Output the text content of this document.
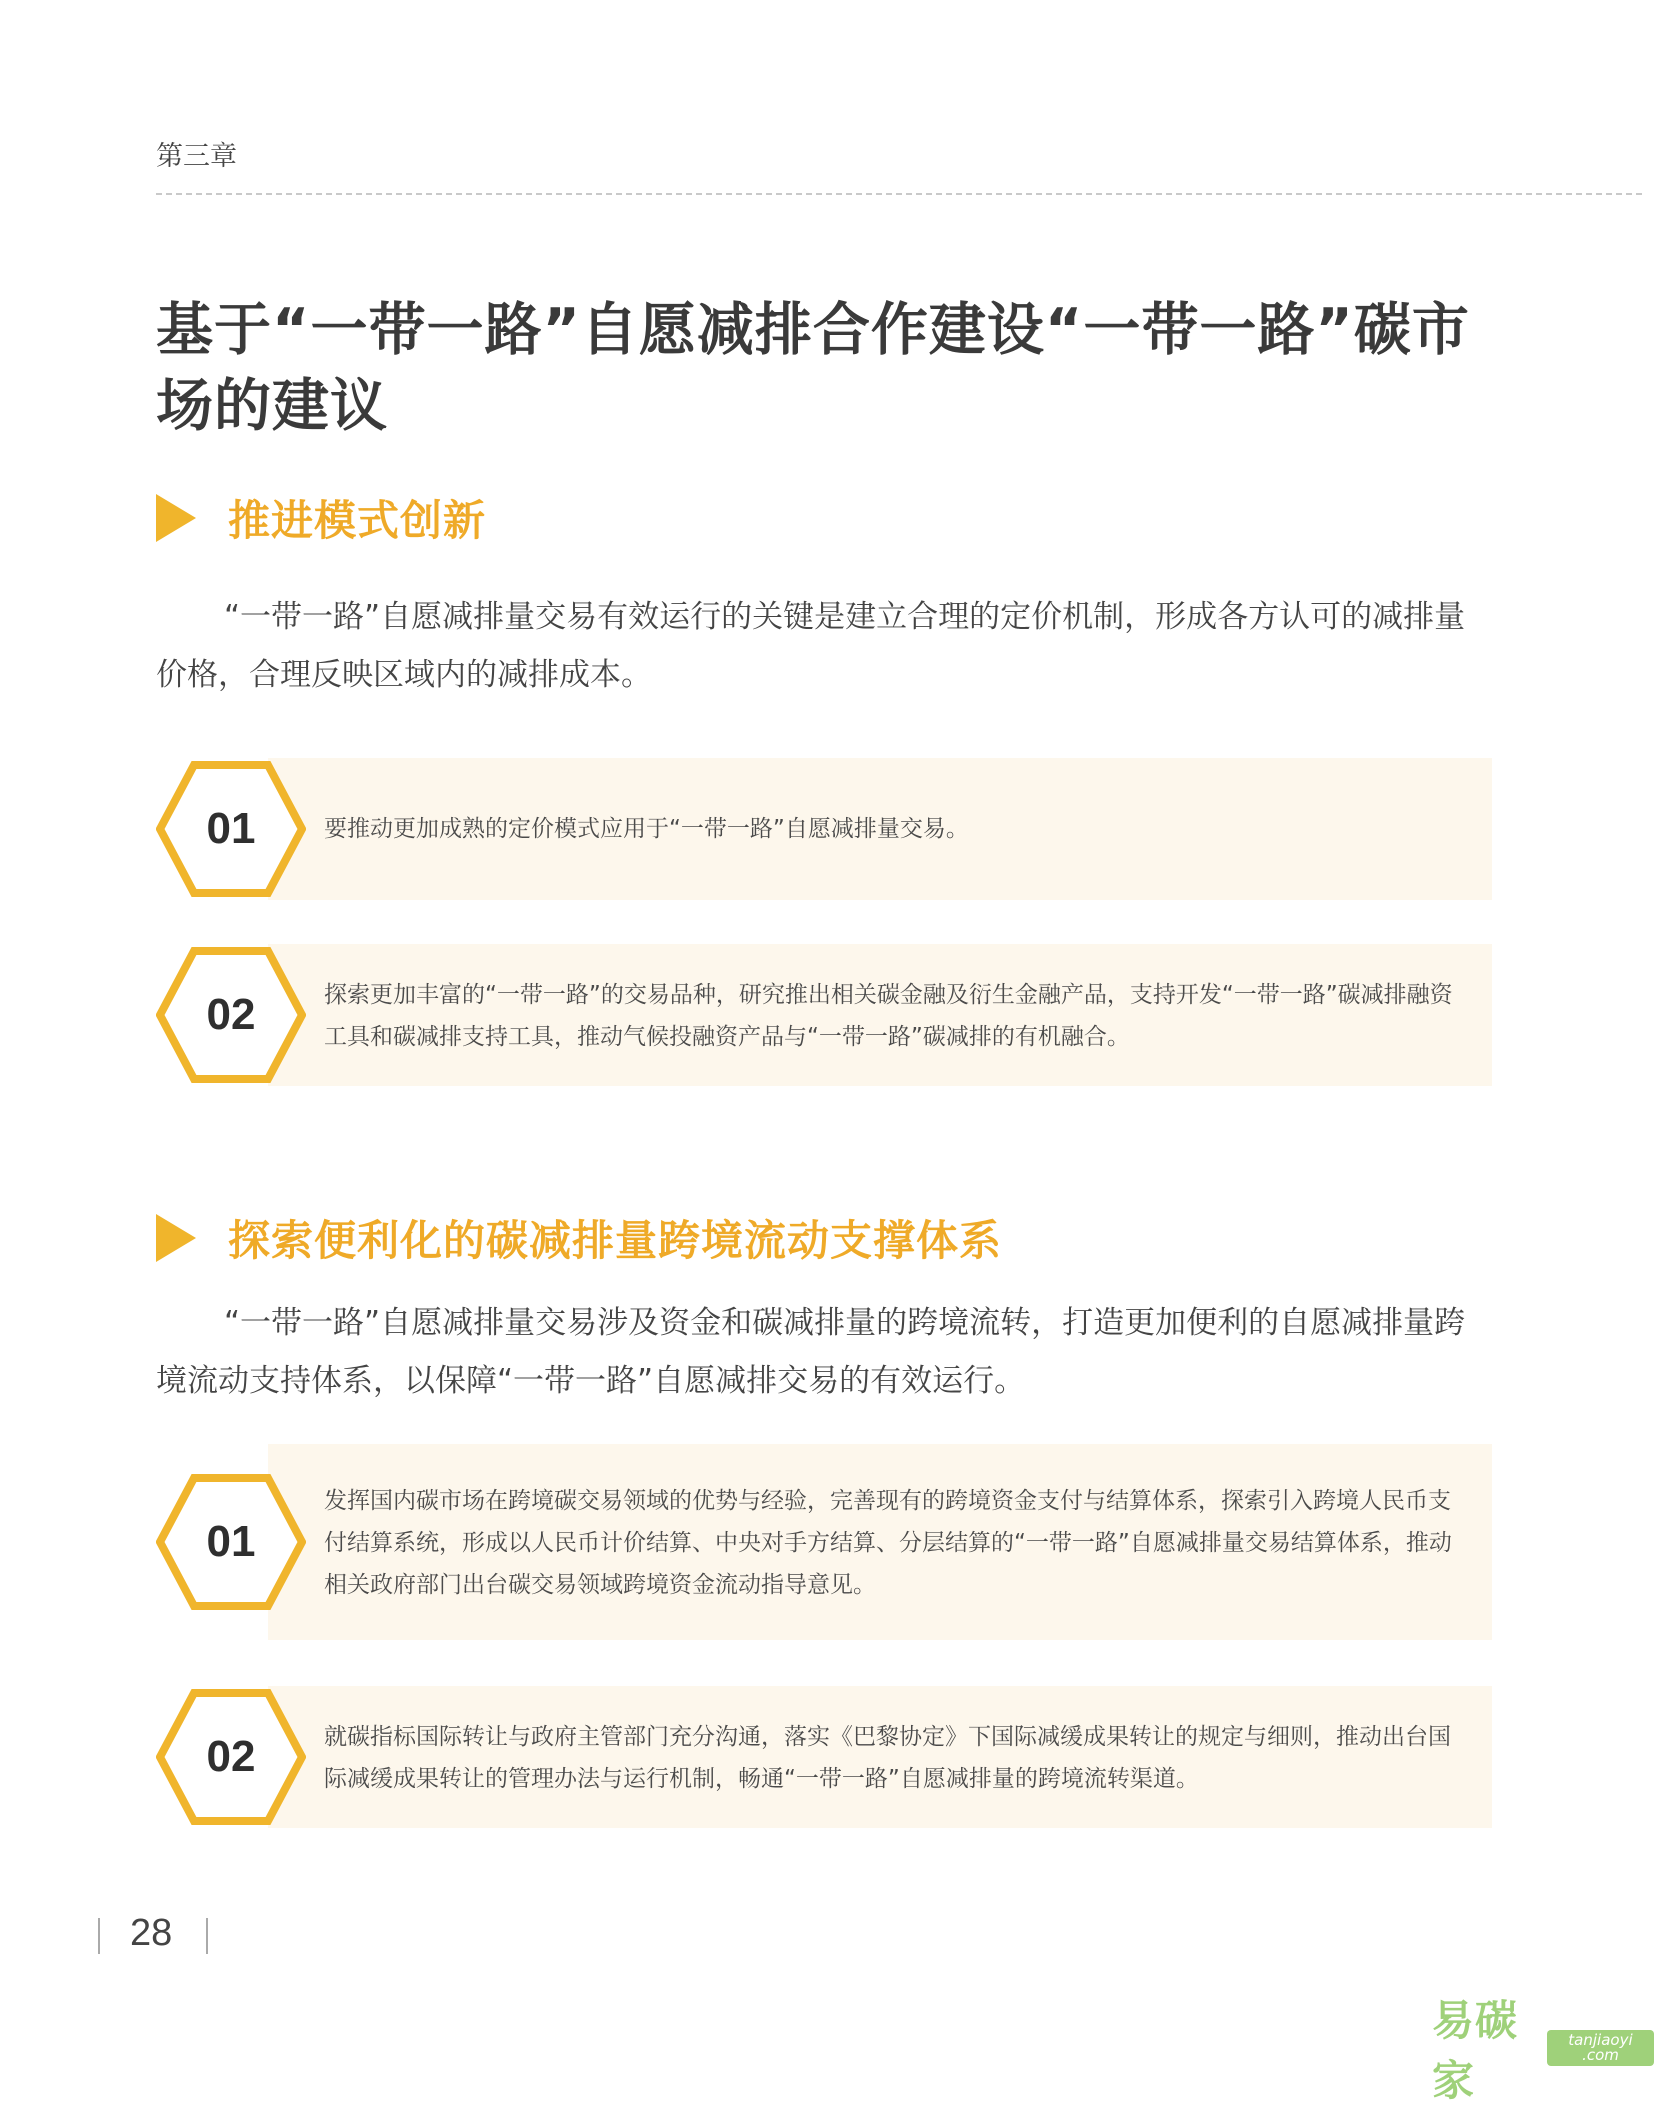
第三章
基于“一带一路”自愿减排合作建设“一带一路”碳市场的建议
推进模式创新
“一带一路”自愿减排量交易有效运行的关键是建立合理的定价机制，形成各方认可的减排量价格，合理反映区域内的减排成本。
01	要推动更加成熟的定价模式应用于“一带一路”自愿减排量交易。
02	探索更加丰富的“一带一路”的交易品种，研究推出相关碳金融及衍生金融产品，支持开发“一带一路”碳减排融资工具和碳减排支持工具，推动气候投融资产品与“一带一路”碳减排的有机融合。
探索便利化的碳减排量跨境流动支撑体系
“一带一路”自愿减排量交易涉及资金和碳减排量的跨境流转，打造更加便利的自愿减排量跨境流动支持体系，以保障“一带一路”自愿减排交易的有效运行。
01
发挥国内碳市场在跨境碳交易领域的优势与经验，完善现有的跨境资金支付与结算体系，探索引入跨境人民币支付结算系统，形成以人民币计价结算、中央对手方结算、分层结算的“一带一路”自愿减排量交易结算体系，推动相关政府部门出台碳交易领域跨境资金流动指导意见。
02	就碳指标国际转让与政府主管部门充分沟通，落实《巴黎协定》下国际减缓成果转让的规定与细则，推动出台国际减缓成果转让的管理办法与运行机制，畅通“一带一路”自愿减排量的跨境流转渠道。
28
易碳家
tanjiaoyi .com
